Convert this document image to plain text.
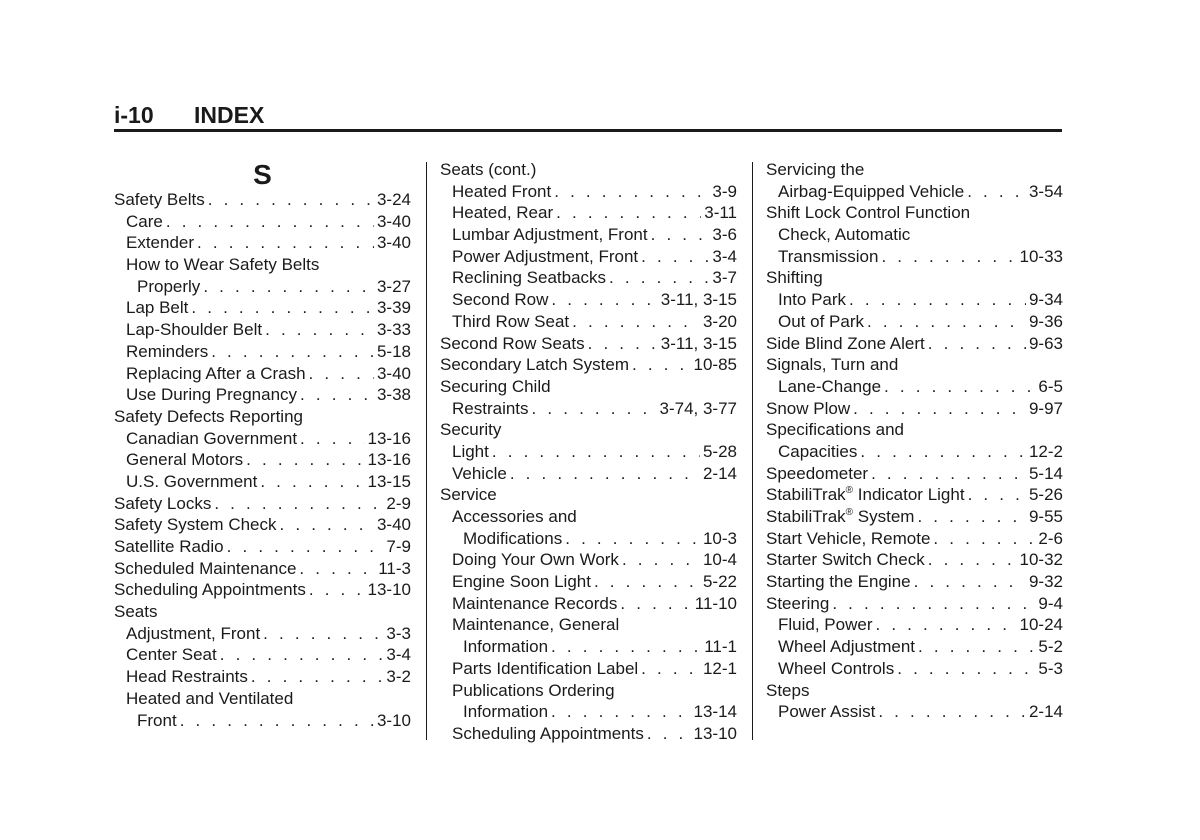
i-10 INDEX
S
Safety Belts . . .	3-24
Care . . .	3-40
Extender . . .	3-40
How to Wear Safety Belts
Properly . . .	3-27
Lap Belt . . .	3-39
Lap-Shoulder Belt . . .	3-33
Reminders . . .	5-18
Replacing After a Crash . . .	3-40
Use During Pregnancy . . .	3-38
Safety Defects Reporting
Canadian Government . . .	13-16
General Motors . . .	13-16
U.S. Government . . .	13-15
Safety Locks . . .	2-9
Safety System Check . . .	3-40
Satellite Radio . . .	7-9
Scheduled Maintenance . . .	11-3
Scheduling Appointments . . .	13-10
Seats
Adjustment, Front . . .	3-3
Center Seat . . .	3-4
Head Restraints . . .	3-2
Heated and Ventilated
Front . . .	3-10
Seats (cont.)
Heated Front . . .	3-9
Heated, Rear . . .	3-11
Lumbar Adjustment, Front . . .	3-6
Power Adjustment, Front . . .	3-4
Reclining Seatbacks . . .	3-7
Second Row . . .	3-11, 3-15
Third Row Seat . . .	3-20
Second Row Seats . . .	3-11, 3-15
Secondary Latch System . . .	10-85
Securing Child
Restraints . . .	3-74, 3-77
Security
Light . . .	5-28
Vehicle . . .	2-14
Service
Accessories and
Modifications . . .	10-3
Doing Your Own Work . . .	10-4
Engine Soon Light . . .	5-22
Maintenance Records . . .	11-10
Maintenance, General
Information . . .	11-1
Parts Identification Label . . .	12-1
Publications Ordering
Information . . .	13-14
Scheduling Appointments . . .	13-10
Servicing the
Airbag-Equipped Vehicle . . .	3-54
Shift Lock Control Function
Check, Automatic
Transmission . . .	10-33
Shifting
Into Park . . .	9-34
Out of Park . . .	9-36
Side Blind Zone Alert . . .	9-63
Signals, Turn and
Lane-Change . . .	6-5
Snow Plow . . .	9-97
Specifications and
Capacities . . .	12-2
Speedometer . . .	5-14
StabiliTrak® Indicator Light . . .	5-26
StabiliTrak® System . . .	9-55
Start Vehicle, Remote . . .	2-6
Starter Switch Check . . .	10-32
Starting the Engine . . .	9-32
Steering . . .	9-4
Fluid, Power . . .	10-24
Wheel Adjustment . . .	5-2
Wheel Controls . . .	5-3
Steps
Power Assist . . .	2-14
